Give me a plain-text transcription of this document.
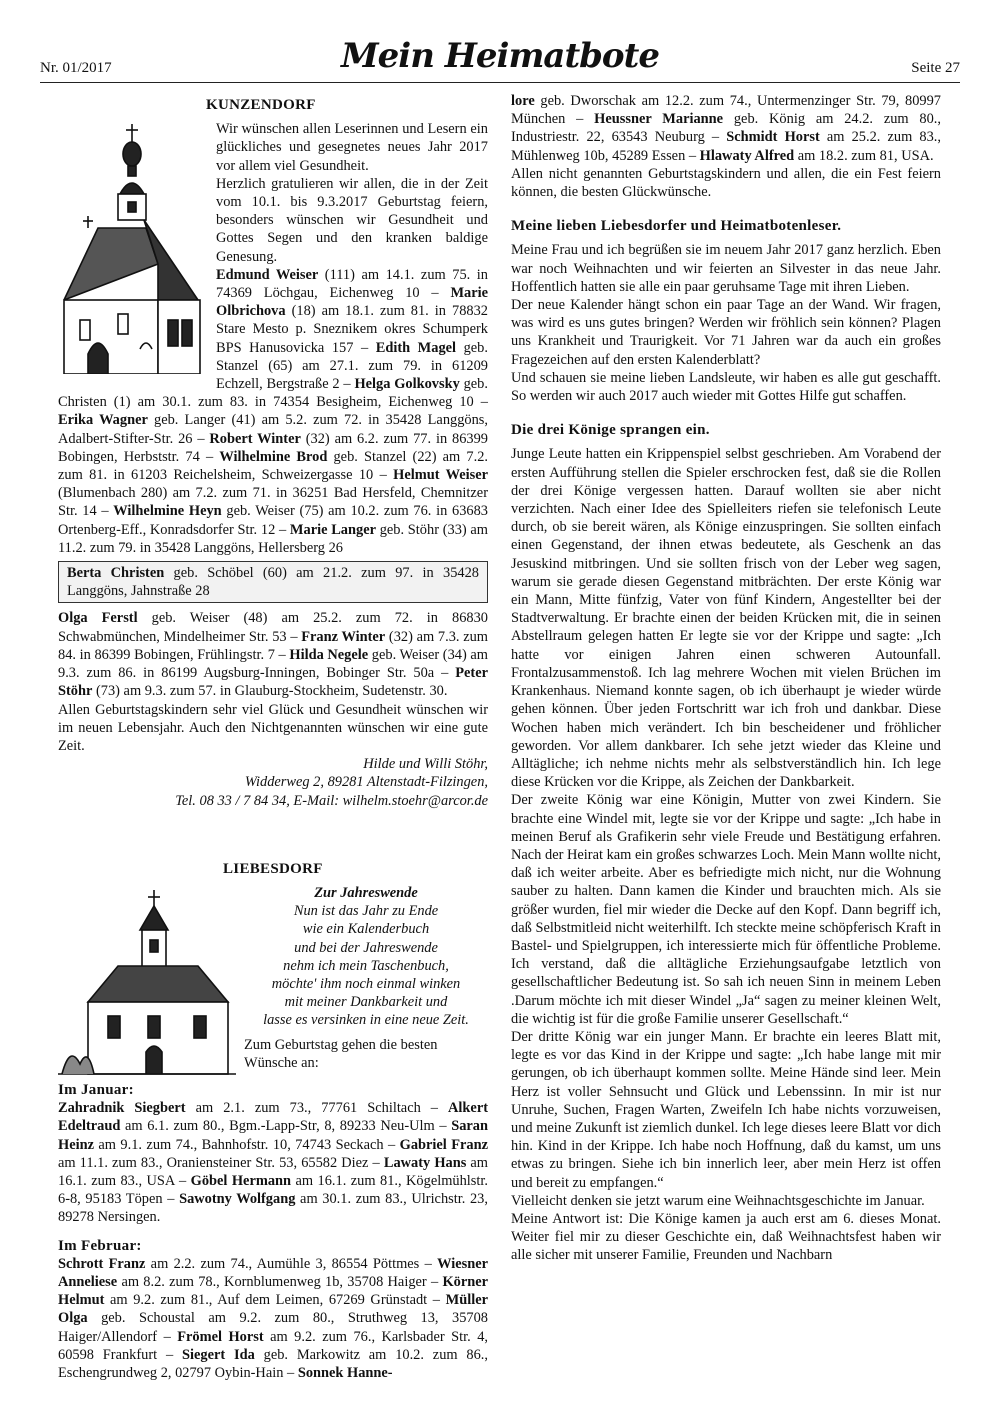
Nr. 01/2017	Mein Heimatbote	Seite 27
KUNZENDORF

Wir wünschen allen Leserinnen und Lesern ein glückliches und gesegnetes neues Jahr 2017 vor allem viel Gesundheit.

Herzlich gratulieren wir allen, die in der Zeit vom 10.1. bis 9.3.2017 Geburtstag feiern, besonders wünschen wir Gesundheit und Gottes Segen und den kranken baldige Genesung.

Edmund Weiser (111) am 14.1. zum 75. in 74369 Löchgau, Eichenweg 10 – Marie Olbrichova (18) am 18.1. zum 81. in 78832 Stare Mesto p. Sneznikem okres Schumperk BPS Hanusovicka 157 – Edith Magel geb. Stanzel (65) am 27.1. zum 79. in 61209 Echzell, Bergstraße 2 – Helga Golkovsky geb. Christen (1) am 30.1. zum 83. in 74354 Besigheim, Eichenweg 10 – Erika Wagner geb. Langer (41) am 5.2. zum 72. in 35428 Langgöns, Adalbert-Stifter-Str. 26 – Robert Winter (32) am 6.2. zum 77. in 86399 Bobingen, Herbststr. 74 – Wilhelmine Brod geb. Stanzel (22) am 7.2. zum 81. in 61203 Reichelsheim, Schweizergasse 10 – Helmut Weiser (Blumenbach 280) am 7.2. zum 71. in 36251 Bad Hersfeld, Chemnitzer Str. 14 – Wilhelmine Heyn geb. Weiser (75) am 10.2. zum 76. in 63683 Ortenberg-Eff., Konradsdorfer Str. 12 – Marie Langer geb. Stöhr (33) am 11.2. zum 79. in 35428 Langgöns, Hellersberg 26

Berta Christen geb. Schöbel (60) am 21.2. zum 97. in 35428 Langgöns, Jahnstraße 28

Olga Ferstl geb. Weiser (48) am 25.2. zum 72. in 86830 Schwabmünchen, Mindelheimer Str. 53 – Franz Winter (32) am 7.3. zum 84. in 86399 Bobingen, Frühlingstr. 7 – Hilda Negele geb. Weiser (34) am 9.3. zum 86. in 86199 Augsburg-Inningen, Bobinger Str. 50a – Peter Stöhr (73) am 9.3. zum 57. in Glauburg-Stockheim, Sudetenstr. 30.

Allen Geburtstagskindern sehr viel Glück und Gesundheit wünschen wir im neuen Lebensjahr. Auch den Nichtgenannten wünschen wir eine gute Zeit.

Hilde und Willi Stöhr,
Widderweg 2, 89281 Altenstadt-Filzingen,
Tel. 08 33 / 7 84 34, E-Mail: wilhelm.stoehr@arcor.de
LIEBESDORF
Zur Jahreswende
Nun ist das Jahr zu Ende
wie ein Kalenderbuch
und bei der Jahreswende
nehm ich mein Taschenbuch,
möchte' ihm noch einmal winken
mit meiner Dankbarkeit und
lasse es versinken in eine neue Zeit.

Zum Geburtstag gehen die besten Wünsche an:

Im Januar:

Zahradnik Siegbert am 2.1. zum 73., 77761 Schiltach – Alkert Edeltraud am 6.1. zum 80., Bgm.-Lapp-Str, 8, 89233 Neu-Ulm – Saran Heinz am 9.1. zum 74., Bahnhofstr. 10, 74743 Seckach – Gabriel Franz am 11.1. zum 83., Oraniensteiner Str. 53, 65582 Diez – Lawaty Hans am 16.1. zum 83., USA – Göbel Hermann am 16.1. zum 81., Kögelmühlstr. 6-8, 95183 Töpen – Sawotny Wolfgang am 30.1. zum 83., Ulrichstr. 23, 89278 Nersingen.

Im Februar:

Schrott Franz am 2.2. zum 74., Aumühle 3, 86554 Pöttmes – Wiesner Anneliese am 8.2. zum 78., Kornblumenweg 1b, 35708 Haiger – Körner Helmut am 9.2. zum 81., Auf dem Leimen, 67269 Grünstadt – Müller Olga geb. Schoustal am 9.2. zum 80., Struthweg 13, 35708 Haiger/Allendorf – Frömel Horst am 9.2. zum 76., Karlsbader Str. 4, 60598 Frankfurt – Siegert Ida geb. Markowitz am 10.2. zum 86., Eschengrundweg 2, 02797 Oybin-Hain – Sonnek Hanne-

lore geb. Dworschak am 12.2. zum 74., Untermenzinger Str. 79, 80997 München – Heussner Marianne geb. König am 24.2. zum 80., Industriestr. 22, 63543 Neuburg – Schmidt Horst am 25.2. zum 83., Mühlenweg 10b, 45289 Essen – Hlawaty Alfred am 18.2. zum 81, USA.

Allen nicht genannten Geburtstagskindern und allen, die ein Fest feiern können, die besten Glückwünsche.

Meine lieben Liebesdorfer und Heimatbotenleser.

Meine Frau und ich begrüßen sie im neuem Jahr 2017 ganz herzlich. Eben war noch Weihnachten und wir feierten an Silvester in das neue Jahr. Hoffentlich hatten sie alle ein paar geruhsame Tage mit ihren Lieben.

Der neue Kalender hängt schon ein paar Tage an der Wand. Wir fragen, was wird es uns gutes bringen? Werden wir fröhlich sein können? Plagen uns Krankheit und Traurigkeit. Vor 71 Jahren war da auch ein großes Fragezeichen auf den ersten Kalenderblatt?

Und schauen sie meine lieben Landsleute, wir haben es alle gut geschafft. So werden wir auch 2017 auch wieder mit Gottes Hilfe gut schaffen.

Die drei Könige sprangen ein.

Junge Leute hatten ein Krippenspiel selbst geschrieben. Am Vorabend der ersten Aufführung stellen die Spieler erschrocken fest, daß sie die Rollen der drei Könige vergessen hatten. Darauf wollten sie aber nicht verzichten. Nach einer Idee des Spielleiters riefen sie telefonisch Leute durch, ob sie bereit wären, als Könige einzuspringen. Sie sollten einfach einen Gegenstand, der ihnen etwas bedeutete, als Geschenk an das Jesuskind mitbringen. Und sie sollten frisch von der Leber weg sagen, warum sie gerade diesen Gegenstand mitbrächten. Der erste König war ein Mann, Mitte fünfzig, Vater von fünf Kindern, Angestellter bei der Stadtverwaltung. Er brachte einen der beiden Krücken mit, die in seinen Abstellraum gelegen hatten Er legte sie vor der Krippe und sagte: „Ich hatte vor einigen Jahren einen schweren Autounfall. Frontalzusammenstoß. Ich lag mehrere Wochen mit vielen Brüchen im Krankenhaus. Niemand konnte sagen, ob ich überhaupt je wieder würde gehen können. Über jeden Fortschritt war ich froh und dankbar. Diese Wochen haben mich verändert. Ich bin bescheidener und fröhlicher geworden. Vor allem dankbarer. Ich sehe jetzt wieder das Kleine und Alltägliche; ich nehme nichts mehr als selbstverständlich hin. Ich lege diese Krücken vor die Krippe, als Zeichen der Dankbarkeit.

Der zweite König war eine Königin, Mutter von zwei Kindern. Sie brachte eine Windel mit, legte sie vor der Krippe und sagte: „Ich habe in meinen Beruf als Grafikerin sehr viele Freude und Bestätigung erfahren. Nach der Heirat kam ein großes schwarzes Loch. Mein Mann wollte nicht, daß ich weiter arbeite. Aber es befriedigte mich nicht, nur die Wohnung sauber zu halten. Dann kamen die Kinder und brauchten mich. Als sie größer wurden, fiel mir wieder die Decke auf den Kopf. Dann begriff ich, daß Selbstmitleid nicht weiterhilft. Ich steckte meine schöpferisch Kraft in Bastel- und Spielgruppen, ich interessierte mich für öffentliche Probleme. Ich verstand, daß die alltägliche Erziehungsaufgabe letztlich von gesellschaftlicher Bedeutung ist. So sah ich neuen Sinn in meinem Leben .Darum möchte ich mit dieser Windel „Ja“ sagen zu meiner kleinen Welt, die wichtig ist für die große Familie unserer Gesellschaft.“

Der dritte König war ein junger Mann. Er brachte ein leeres Blatt mit, legte es vor das Kind in der Krippe und sagte: „Ich habe lange mit mir gerungen, ob ich überhaupt kommen sollte. Meine Hände sind leer. Mein Herz ist voller Sehnsucht und Glück und Lebenssinn. In mir ist nur Unruhe, Suchen, Fragen Warten, Zweifeln Ich habe nichts vorzuweisen, und meine Zukunft ist ziemlich dunkel. Ich lege dieses leere Blatt vor dich hin. Kind in der Krippe. Ich habe noch Hoffnung, daß du kamst, um uns etwas zu bringen. Siehe ich bin innerlich leer, aber mein Herz ist offen und bereit zu empfangen.“

Vielleicht denken sie jetzt warum eine Weihnachtsgeschichte im Januar.

Meine Antwort ist: Die Könige kamen ja auch erst am 6. dieses Monat. Weiter fiel mir zu dieser Geschichte ein, daß Weihnachtsfest haben wir alle sicher mit unserer Familie, Freunden und Nachbarn
